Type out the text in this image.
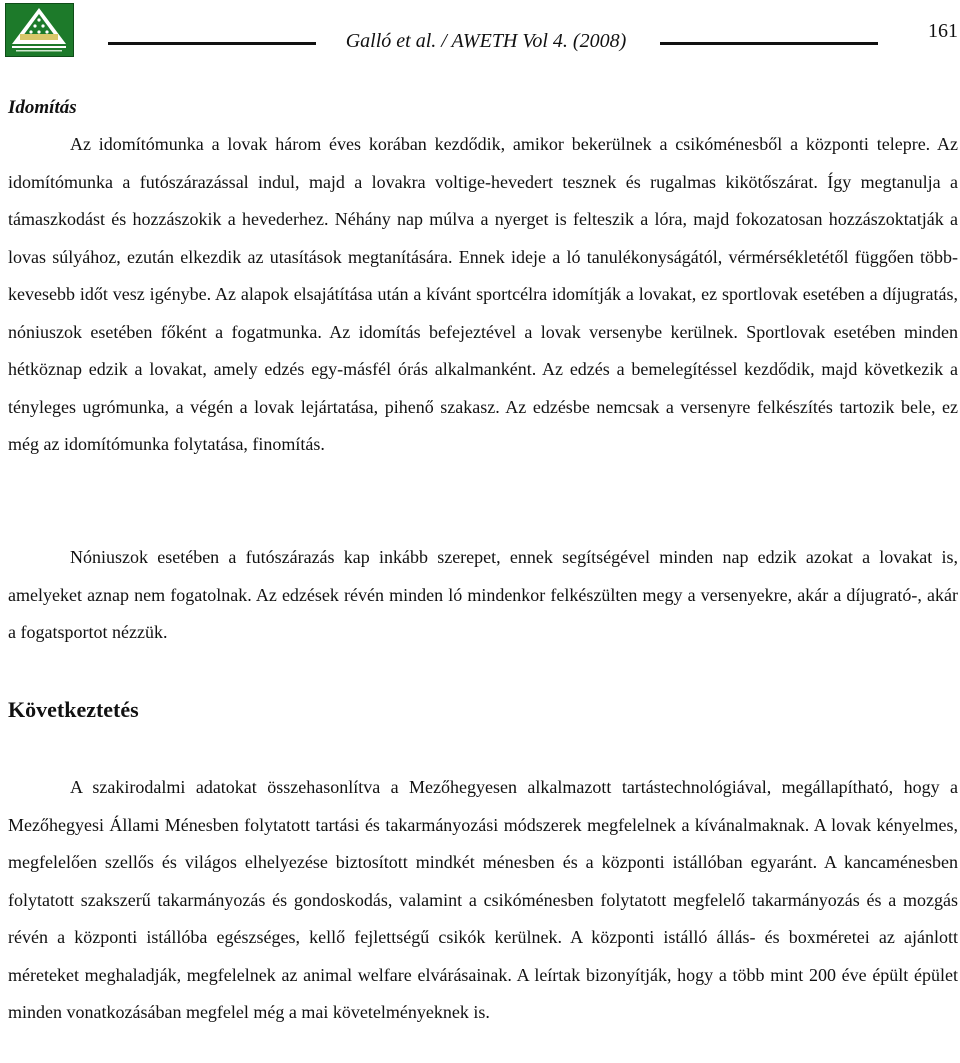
Galló et al. / AWETH Vol 4. (2008)	161
Idomítás

Az idomítómunka a lovak három éves korában kezdődik, amikor bekerülnek a csikóménesből a központi telepre. Az idomítómunka a futószárazással indul, majd a lovakra voltige-hevedert tesznek és rugalmas kikötőszárat. Így megtanulja a támaszkodást és hozzászokik a hevederhez. Néhány nap múlva a nyerget is felteszik a lóra, majd fokozatosan hozzászoktatják a lovas súlyához, ezután elkezdik az utasítások megtanítására. Ennek ideje a ló tanulékonyságától, vérmérsékletétől függően több-kevesebb időt vesz igénybe. Az alapok elsajátítása után a kívánt sportcélra idomítják a lovakat, ez sportlovak esetében a díjugratás, nóniuszok esetében főként a fogatmunka. Az idomítás befejeztével a lovak versenybe kerülnek. Sportlovak esetében minden hétköznap edzik a lovakat, amely edzés egy-másfél órás alkalmanként. Az edzés a bemelegítéssel kezdődik, majd következik a tényleges ugrómunka, a végén a lovak lejártatása, pihenő szakasz. Az edzésbe nemcsak a versenyre felkészítés tartozik bele, ez még az idomítómunka folytatása, finomítás.

Nóniuszok esetében a futószárazás kap inkább szerepet, ennek segítségével minden nap edzik azokat a lovakat is, amelyeket aznap nem fogatolnak. Az edzések révén minden ló mindenkor felkészülten megy a versenyekre, akár a díjugrató-, akár a fogatsportot nézzük.

Következtetés

A szakirodalmi adatokat összehasonlítva a Mezőhegyesen alkalmazott tartástechnológiával, megállapítható, hogy a Mezőhegyesi Állami Ménesben folytatott tartási és takarmányozási módszerek megfelelnek a kívánalmaknak. A lovak kényelmes, megfelelően szellős és világos elhelyezése biztosított mindkét ménesben és a központi istállóban egyaránt. A kancaménesben folytatott szakszerű takarmányozás és gondoskodás, valamint a csikóménesben folytatott megfelelő takarmányozás és a mozgás révén a központi istállóba egészséges, kellő fejlettségű csikók kerülnek. A központi istálló állás- és boxméretei az ajánlott méreteket meghaladják, megfelelnek az animal welfare elvárásainak. A leírtak bizonyítják, hogy a több mint 200 éve épült épület minden vonatkozásában megfelel még a mai követelményeknek is.
